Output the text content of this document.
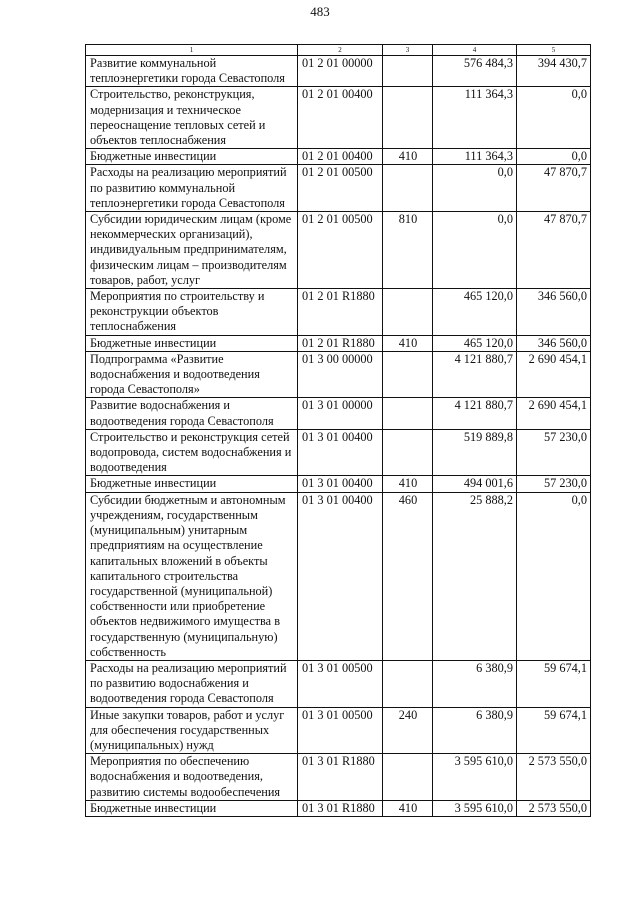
483
1	2	3	4	5
Развитие коммунальной теплоэнергетики города Севастополя	01 2 01 00000		576 484,3	394 430,7
Строительство, реконструкция, модернизация и техническое переоснащение тепловых сетей и объектов теплоснабжения	01 2 01 00400		111 364,3	0,0
Бюджетные инвестиции	01 2 01 00400	410	111 364,3	0,0
Расходы на реализацию мероприятий по развитию коммунальной теплоэнергетики города Севастополя	01 2 01 00500		0,0	47 870,7
Субсидии юридическим лицам (кроме некоммерческих организаций), индивидуальным предпринимателям, физическим лицам – производителям товаров, работ, услуг	01 2 01 00500	810	0,0	47 870,7
Мероприятия по строительству и реконструкции объектов теплоснабжения	01 2 01 R1880		465 120,0	346 560,0
Бюджетные инвестиции	01 2 01 R1880	410	465 120,0	346 560,0
Подпрограмма «Развитие водоснабжения и водоотведения города Севастополя»	01 3 00 00000		4 121 880,7	2 690 454,1
Развитие водоснабжения и водоотведения города Севастополя	01 3 01 00000		4 121 880,7	2 690 454,1
Строительство и реконструкция сетей водопровода, систем водоснабжения и водоотведения	01 3 01 00400		519 889,8	57 230,0
Бюджетные инвестиции	01 3 01 00400	410	494 001,6	57 230,0
Субсидии бюджетным и автономным учреждениям, государственным (муниципальным) унитарным предприятиям на осуществление капитальных вложений в объекты капитального строительства государственной (муниципальной) собственности или приобретение объектов недвижимого имущества в государственную (муниципальную) собственность	01 3 01 00400	460	25 888,2	0,0
Расходы на реализацию мероприятий по развитию водоснабжения и водоотведения города Севастополя	01 3 01 00500		6 380,9	59 674,1
Иные закупки товаров, работ и услуг для обеспечения государственных (муниципальных) нужд	01 3 01 00500	240	6 380,9	59 674,1
Мероприятия по обеспечению водоснабжения и водоотведения, развитию системы водообеспечения	01 3 01 R1880		3 595 610,0	2 573 550,0
Бюджетные инвестиции	01 3 01 R1880	410	3 595 610,0	2 573 550,0
